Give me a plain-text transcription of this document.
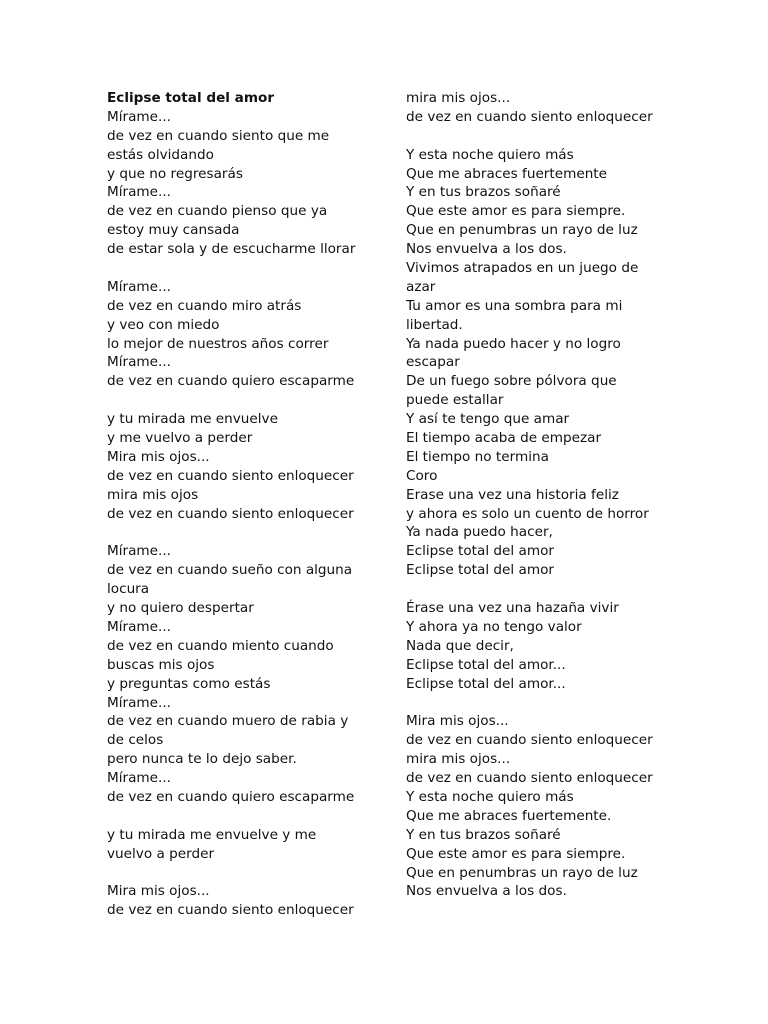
Eclipse total del amor
Mírame...
de vez en cuando siento que me
estás olvidando
y que no regresarás
Mírame...
de vez en cuando pienso que ya
estoy muy cansada
de estar sola y de escucharme llorar
Mírame...
de vez en cuando miro atrás
y veo con miedo
lo mejor de nuestros años correr
Mírame...
de vez en cuando quiero escaparme
y tu mirada me envuelve
y me vuelvo a perder
Mira mis ojos...
de vez en cuando siento enloquecer
mira mis ojos
de vez en cuando siento enloquecer
Mírame...
de vez en cuando sueño con alguna
locura
y no quiero despertar
Mírame...
de vez en cuando miento cuando
buscas mis ojos
y preguntas como estás
Mírame...
de vez en cuando muero de rabia y
de celos
pero nunca te lo dejo saber.
Mírame...
de vez en cuando quiero escaparme
y tu mirada me envuelve y me
vuelvo a perder
Mira mis ojos...
de vez en cuando siento enloquecer
mira mis ojos...
de vez en cuando siento enloquecer
Y esta noche quiero más
Que me abraces fuertemente
Y en tus brazos soñaré
Que este amor es para siempre.
Que en penumbras un rayo de luz
Nos envuelva a los dos.
Vivimos atrapados en un juego de
azar
Tu amor es una sombra para mi
libertad.
Ya nada puedo hacer y no logro
escapar
De un fuego sobre pólvora que
puede estallar
Y así te tengo que amar
El tiempo acaba de empezar
El tiempo no termina
Coro
Erase una vez una historia feliz
y ahora es solo un cuento de horror
Ya nada puedo hacer,
Eclipse total del amor
Eclipse total del amor
Érase una vez una hazaña vivir
Y ahora ya no tengo valor
Nada que decir,
Eclipse total del amor...
Eclipse total del amor...
Mira mis ojos...
de vez en cuando siento enloquecer
mira mis ojos...
de vez en cuando siento enloquecer
Y esta noche quiero más
Que me abraces fuertemente.
Y en tus brazos soñaré
Que este amor es para siempre.
Que en penumbras un rayo de luz
Nos envuelva a los dos.
